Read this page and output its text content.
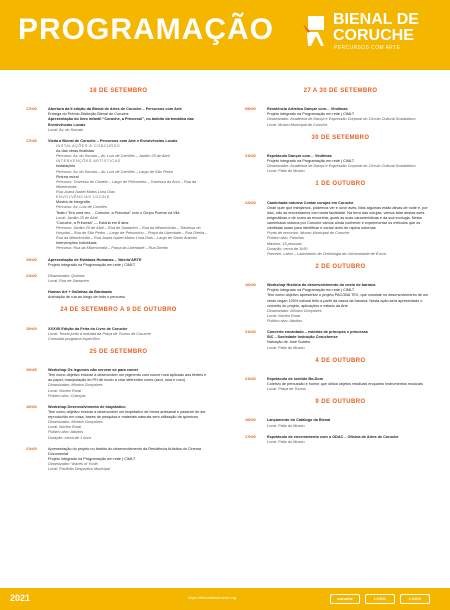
PROGRAMAÇÃO	BIENAL DE
CORUCHE
PERCURSOS COM ARTE
18 DE SETEMBRO
17h00	Abertura da II edição da Bienal de Artes de Coruche – Percursos com Arte
Entrega do Prémio Distinção Bienal de Coruche
Apresentação do livro infantil “Coruche, a Princesa!”, no âmbito da temática das Envolvências Locais
Local: Av. do Sorraia
17h30	Visita à Bienal de Coruche – Percursos com Arte e Envolvências Locais
INSTALAÇÕES & CONCURSO
As das obras finalistas
Percurso: Av. do Sorraia – Av. Luís de Camões – Jardim 25 de Abril
INTERVENÇÕES ARTÍSTICAS
Instalações
Percurso: Av. do Sorraia – Av. Luís de Camões – Largo de São Pedro
Pintura mural
Percurso: Travessa do Castelo – Largo de Pelourinho – Travessa do Arco – Rua da Misericórdia
Rua Joana Isabel Matos Lima Dias
ENVOLVÊNCIAS LOCAIS
Mostra de fotografia
Percurso: Av. Luís de Camões
Teatro “Era uma vez… Coruche, a Princesa” com o Grupo Poema na Vila
Local: Jardim 25 de Abril
“Coruche, a Princesa” — Estória em 8 atos
Percurso: Jardim 25 de Abril – Rua de Santarém – Rua da Misericórdia – Travessa do Hospital – Rua de São Pedro – Largo de Pelourinho – Praça da Liberdade – Rua Direita – Rua da Misericórdia – Rua Joana Isabel Matos Lima Dias – Largo de Santo António
Intervenções individuais
Percurso: Rua da Misericórdia – Praça da Liberdade – Rua Direita
19h00	Apresentação de Estátuas Humanas – Valeria’ARTE
Projeto integrado na Programação em rede | CIMLT
21h00	Dinamizador: Quintas
Local: Rua de Santarém
Human Art + Galinhas da Bardoada
Animação de rua ao longo de todo o percurso
24 DE SETEMBRO A 9 DE OUTUBRO
10h00	XXXVII Edição da Feira do Livro de Coruche
Local: Tenda junto à entrada da Praça de Touros de Coruche
Consultar programa específico
25 DE SETEMBRO
10h30	Workshop Os legumes não servem só para comer
Tem como objetivo ensinar a desenvolver um pigmento com couve roxa aplicado aos têxteis e ao papel; manipulação do PH de modo a criar diferentes cores (azul, rosa e roxo)
Dinamizador: Mónica Gonçalves
Local: Núcleo Rural
Público alvo: Crianças
16h00	Workshop Desenvolvimento de bioplástico
Tem como objetivo ensinar a desenvolver um bioplástico de forma artesanal e passível de ser reproduzido em casa; bases de pesquisa e materiais naturais sem utilização de químicos
Dinamizador: Mónica Gonçalves
Local: Núcleo Rural
Público alvo: Adultos
Duração: cerca de 1 hora
21h00	Apresentação do projeto no âmbito do desenvolvimento da Residência Artística do Cinema Documental
Projeto integrado na Programação em rede | CIMLT
Dinamizador: Waves of Youth
Local: Pavilhão Desportivo Municipal
27 A 30 DE SETEMBRO
09h00	Residência Artística Dançar com… Vindimas
Projeto integrado na Programação em rede | CIMLT
Dinamizador: Academia de Dança e Expressão Corporal do Círculo Cultural Scalabitano
Local: Museu Municipal de Coruche
30 DE SETEMBRO
21h00	Espetáculo Dançar com… Vindimas
Projeto integrado na Programação em rede | CIMLT
Dinamizador: Academia de Dança e Expressão Corporal do Círculo Cultural Scalabitano
Local: Pátio do Museu
1 DE OUTUBRO
22h00	Caminhada noturna Contar corujas em Coruche
Onde quer que estejamos, podemos ver e ouvir aves. Mas algumas estão ativas de noite e, por isso, não as encontramos com tanta facilidade. Na terra das corujas, vamos falar destas aves enigmáticas e de como as encontrar, quais as suas características e da sua ecologia. Nesta caminhada noturna por Coruche vamos ainda conhecer e experimentar os métodos que os cientistas usam para identificar e contar aves de rapina noturnas
Ponto de encontro: Museu Municipal de Coruche
Público alvo: Famílias
Máximo: 15 pessoas
Duração: cerca de 1h30
Parceiro: Labor – Laboratório de Ornitologia da Universidade de Évora
2 DE OUTUBRO
10h00	Workshop História do desenvolvimento do cesto de barraca
Projeto integrado na Programação em rede | CIMLT
Tem como objetivo apresentar o projeto PACOBA TEX, que consiste no desenvolvimento de um cesto vegan 100% natural feito à partir da casca da banana. Nesta ação será apresentado o conceito do projeto, aplicações e estado da Arte
Dinamizador: Mónica Gonçalves
Local: Núcleo Rural
Público alvo: Adultos
21h30	Concerto encantado – estórias de princípes e princesas
SIC – Sociedade Instrução Coruchense
Narração de José Soares
Local: Pátio do Museu
4 DE OUTUBRO
21h00	Espetáculo de sentido Bo-Dom
Coletivo de percussão e humor que utiliza objetos residuais enquanto instrumentos musicais
Local: Praça de Touros
9 DE OUTUBRO
16h00	Lançamento do Catálogo da Bienal
Local: Pátio do Museu
17h00	Espetáculo de encerramento com o ODAC – Oficina de Artes de Coruche
Local: Pátio do Museu
2021	https://bienaldecoruche.org	coruche	LOGO	LOGO
